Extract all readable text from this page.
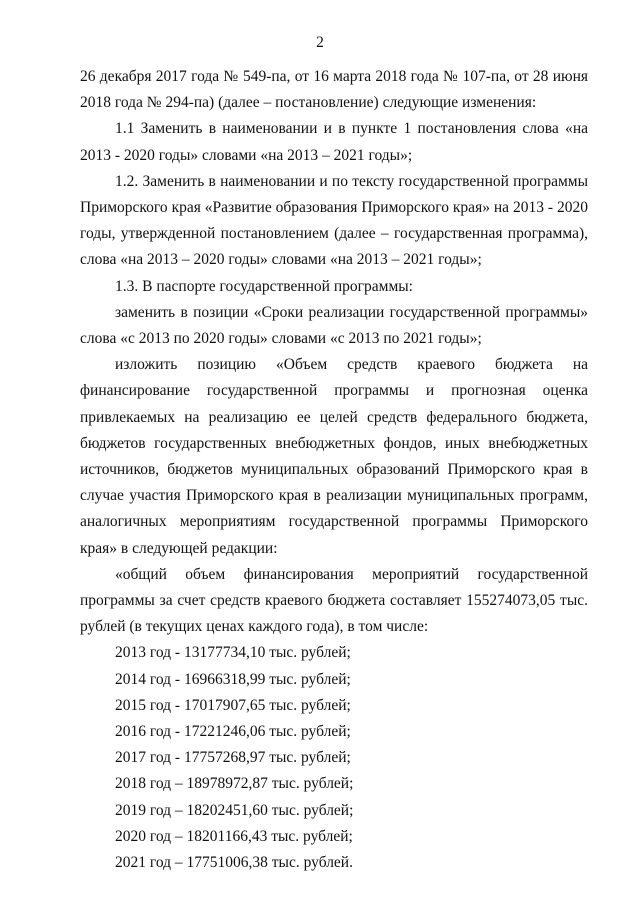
2

26 декабря 2017 года № 549-па, от 16 марта 2018 года № 107-па, от 28 июня 2018 года № 294-па) (далее – постановление) следующие изменения:

1.1 Заменить в наименовании и в пункте 1 постановления слова «на 2013 - 2020 годы» словами «на 2013 – 2021 годы»;

1.2. Заменить в наименовании и по тексту государственной программы Приморского края «Развитие образования Приморского края» на 2013 - 2020 годы, утвержденной постановлением (далее – государственная программа), слова «на 2013 – 2020 годы» словами «на 2013 – 2021 годы»;

1.3. В паспорте государственной программы:

заменить в позиции «Сроки реализации государственной программы» слова «с 2013 по 2020 годы» словами «с 2013 по 2021 годы»;

изложить позицию «Объем средств краевого бюджета на финансирование государственной программы и прогнозная оценка привлекаемых на реализацию ее целей средств федерального бюджета, бюджетов государственных внебюджетных фондов, иных внебюджетных источников, бюджетов муниципальных образований Приморского края в случае участия Приморского края в реализации муниципальных программ, аналогичных мероприятиям государственной программы Приморского края» в следующей редакции:

«общий объем финансирования мероприятий государственной программы за счет средств краевого бюджета составляет 155274073,05 тыс. рублей (в текущих ценах каждого года), в том числе:

2013 год - 13177734,10 тыс. рублей;

2014 год - 16966318,99 тыс. рублей;

2015 год - 17017907,65 тыс. рублей;

2016 год - 17221246,06 тыс. рублей;

2017 год - 17757268,97 тыс. рублей;

2018 год – 18978972,87 тыс. рублей;

2019 год – 18202451,60 тыс. рублей;

2020 год – 18201166,43 тыс. рублей;

2021 год – 17751006,38 тыс. рублей.
